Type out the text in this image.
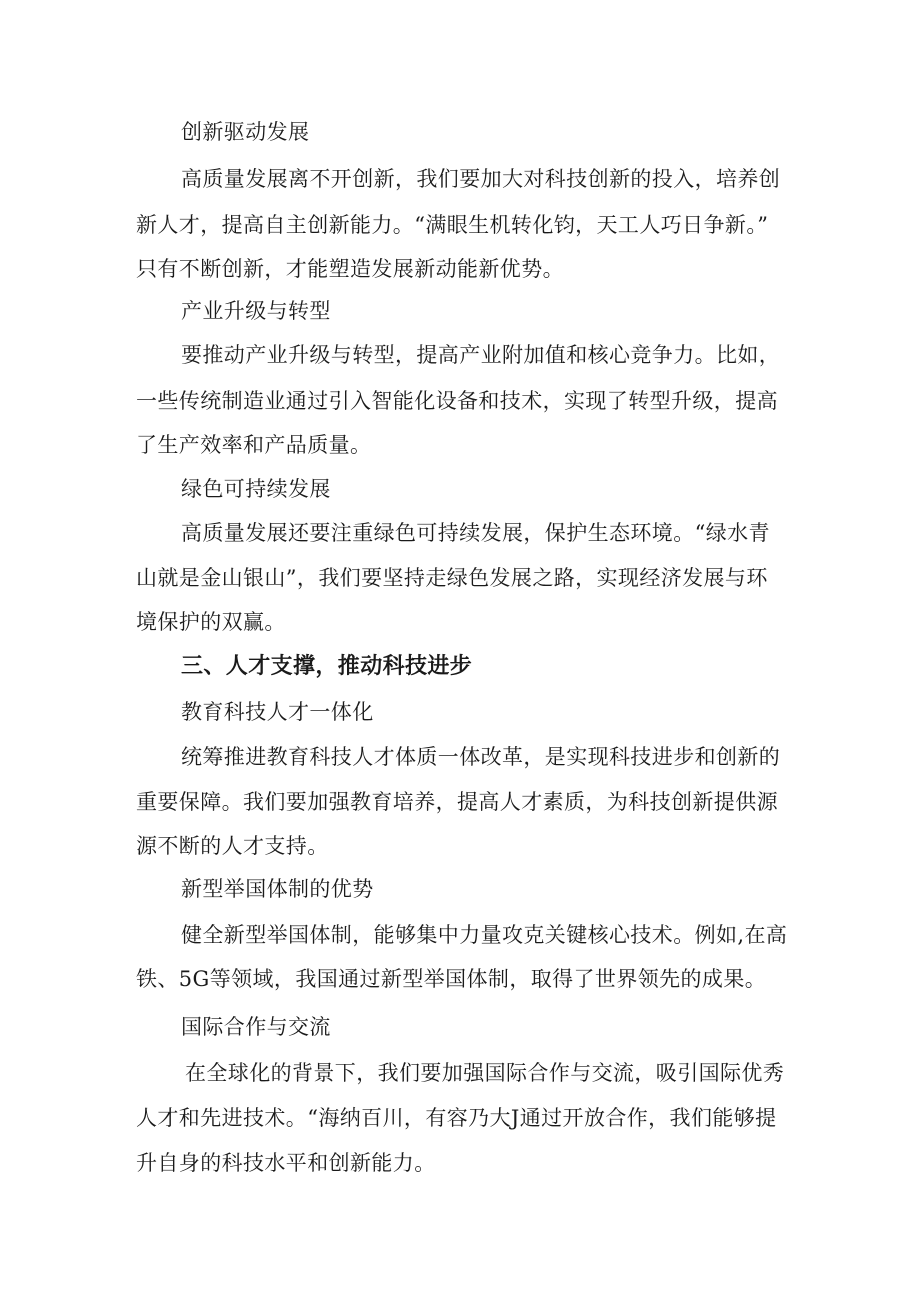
创新驱动发展
高质量发展离不开创新，我们要加大对科技创新的投入，培养创
新人才，提高自主创新能力。“满眼生机转化钧，天工人巧日争新。”
只有不断创新，才能塑造发展新动能新优势。
产业升级与转型
要推动产业升级与转型，提高产业附加值和核心竞争力。比如，
一些传统制造业通过引入智能化设备和技术，实现了转型升级，提高
了生产效率和产品质量。
绿色可持续发展
高质量发展还要注重绿色可持续发展，保护生态环境。“绿水青
山就是金山银山”，我们要坚持走绿色发展之路，实现经济发展与环
境保护的双赢。
三、人才支撑，推动科技进步
教育科技人才一体化
统筹推进教育科技人才体质一体改革，是实现科技进步和创新的
重要保障。我们要加强教育培养，提高人才素质，为科技创新提供源
源不断的人才支持。
新型举国体制的优势
健全新型举国体制，能够集中力量攻克关键核心技术。例如,在高
铁、5G等领域，我国通过新型举国体制，取得了世界领先的成果。
国际合作与交流
在全球化的背景下，我们要加强国际合作与交流，吸引国际优秀
人才和先进技术。“海纳百川，有容乃大J通过开放合作，我们能够提
升自身的科技水平和创新能力。
